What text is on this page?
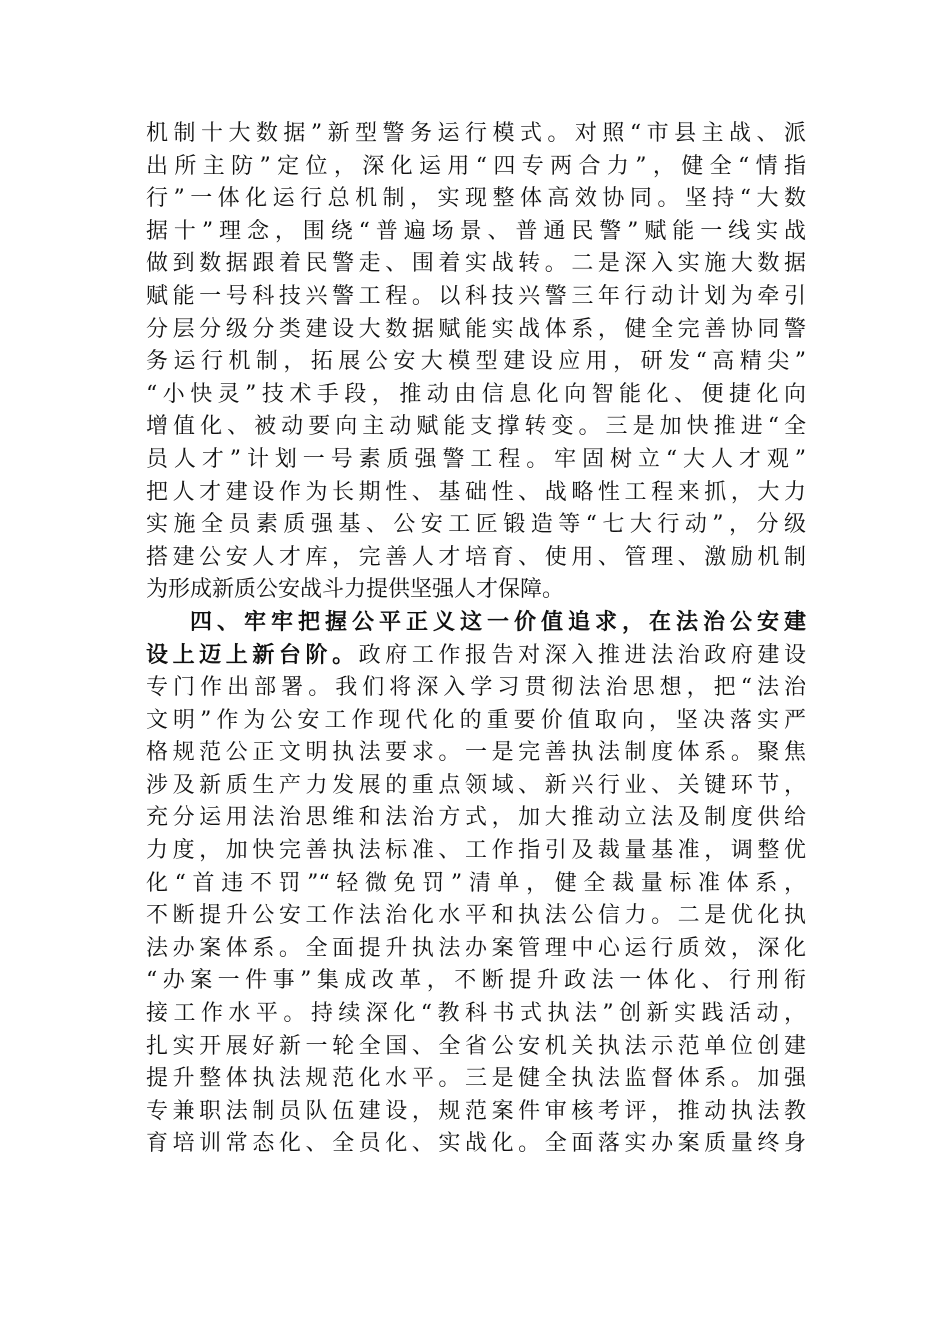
机制十大数据”新型警务运行模式。对照“市县主战、派
出所主防”定位，深化运用“四专两合力”，健全“情指
行”一体化运行总机制，实现整体高效协同。坚持“大数
据十”理念，围绕“普遍场景、普通民警”赋能一线实战
做到数据跟着民警走、围着实战转。二是深入实施大数据
赋能一号科技兴警工程。以科技兴警三年行动计划为牵引
分层分级分类建设大数据赋能实战体系，健全完善协同警
务运行机制，拓展公安大模型建设应用，研发“高精尖”
“小快灵”技术手段，推动由信息化向智能化、便捷化向
增值化、被动要向主动赋能支撑转变。三是加快推进“全
员人才”计划一号素质强警工程。牢固树立“大人才观”
把人才建设作为长期性、基础性、战略性工程来抓，大力
实施全员素质强基、公安工匠锻造等“七大行动”，分级
搭建公安人才库，完善人才培育、使用、管理、激励机制
为形成新质公安战斗力提供坚强人才保障。
四、牢牢把握公平正义这一价值追求，在法治公安建
设上迈上新台阶。政府工作报告对深入推进法治政府建设
专门作出部署。我们将深入学习贯彻法治思想，把“法治
文明”作为公安工作现代化的重要价值取向，坚决落实严
格规范公正文明执法要求。一是完善执法制度体系。聚焦
涉及新质生产力发展的重点领域、新兴行业、关键环节，
充分运用法治思维和法治方式，加大推动立法及制度供给
力度，加快完善执法标准、工作指引及裁量基准，调整优
化“首违不罚”“轻微免罚”清单，健全裁量标准体系，
不断提升公安工作法治化水平和执法公信力。二是优化执
法办案体系。全面提升执法办案管理中心运行质效，深化
“办案一件事”集成改革，不断提升政法一体化、行刑衔
接工作水平。持续深化“教科书式执法”创新实践活动，
扎实开展好新一轮全国、全省公安机关执法示范单位创建
提升整体执法规范化水平。三是健全执法监督体系。加强
专兼职法制员队伍建设，规范案件审核考评，推动执法教
育培训常态化、全员化、实战化。全面落实办案质量终身
